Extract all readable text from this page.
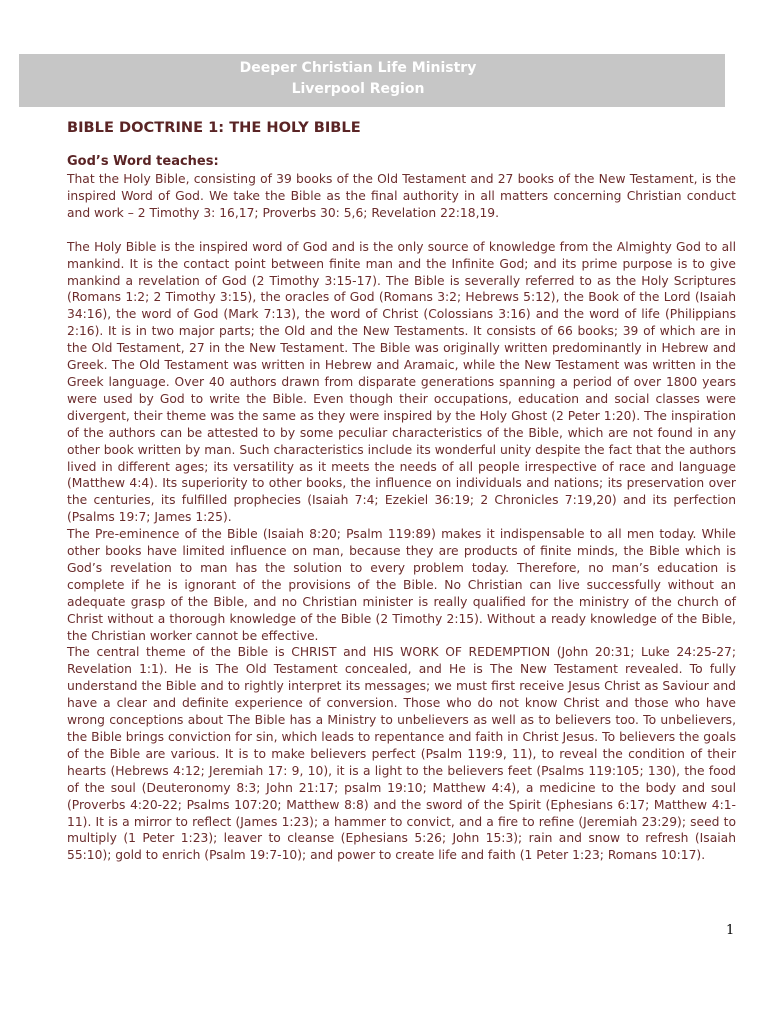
Deeper Christian Life Ministry
Liverpool Region
BIBLE DOCTRINE 1: THE HOLY BIBLE

God’s Word teaches:

That the Holy Bible, consisting of 39 books of the Old Testament and 27 books of the New Testament, is the inspired Word of God. We take the Bible as the final authority in all matters concerning Christian conduct and work – 2 Timothy 3: 16,17; Proverbs 30: 5,6; Revelation 22:18,19.

The Holy Bible is the inspired word of God and is the only source of knowledge from the Almighty God to all mankind. It is the contact point between finite man and the Infinite God; and its prime purpose is to give mankind a revelation of God (2 Timothy 3:15-17). The Bible is severally referred to as the Holy Scriptures (Romans 1:2; 2 Timothy 3:15), the oracles of God (Romans 3:2; Hebrews 5:12), the Book of the Lord (Isaiah 34:16), the word of God (Mark 7:13), the word of Christ (Colossians 3:16) and the word of life (Philippians 2:16). It is in two major parts; the Old and the New Testaments. It consists of 66 books; 39 of which are in the Old Testament, 27 in the New Testament. The Bible was originally written predominantly in Hebrew and Greek. The Old Testament was written in Hebrew and Aramaic, while the New Testament was written in the Greek language. Over 40 authors drawn from disparate generations spanning a period of over 1800 years were used by God to write the Bible. Even though their occupations, education and social classes were divergent, their theme was the same as they were inspired by the Holy Ghost (2 Peter 1:20). The inspiration of the authors can be attested to by some peculiar characteristics of the Bible, which are not found in any other book written by man. Such characteristics include its wonderful unity despite the fact that the authors lived in different ages; its versatility as it meets the needs of all people irrespective of race and language (Matthew 4:4). Its superiority to other books, the influence on individuals and nations; its preservation over the centuries, its fulfilled prophecies (Isaiah 7:4; Ezekiel 36:19; 2 Chronicles 7:19,20) and its perfection (Psalms 19:7; James 1:25).

The Pre-eminence of the Bible (Isaiah 8:20; Psalm 119:89) makes it indispensable to all men today. While other books have limited influence on man, because they are products of finite minds, the Bible which is God’s revelation to man has the solution to every problem today. Therefore, no man’s education is complete if he is ignorant of the provisions of the Bible. No Christian can live successfully without an adequate grasp of the Bible, and no Christian minister is really qualified for the ministry of the church of Christ without a thorough knowledge of the Bible (2 Timothy 2:15). Without a ready knowledge of the Bible, the Christian worker cannot be effective.

The central theme of the Bible is CHRIST and HIS WORK OF REDEMPTION (John 20:31; Luke 24:25-27; Revelation 1:1). He is The Old Testament concealed, and He is The New Testament revealed. To fully understand the Bible and to rightly interpret its messages; we must first receive Jesus Christ as Saviour and have a clear and definite experience of conversion. Those who do not know Christ and those who have wrong conceptions about The Bible has a Ministry to unbelievers as well as to believers too. To unbelievers, the Bible brings conviction for sin, which leads to repentance and faith in Christ Jesus. To believers the goals of the Bible are various. It is to make believers perfect (Psalm 119:9, 11), to reveal the condition of their hearts (Hebrews 4:12; Jeremiah 17: 9, 10), it is a light to the believers feet (Psalms 119:105; 130), the food of the soul (Deuteronomy 8:3; John 21:17; psalm 19:10; Matthew 4:4), a medicine to the body and soul (Proverbs 4:20-22; Psalms 107:20; Matthew 8:8) and the sword of the Spirit (Ephesians 6:17; Matthew 4:1-11). It is a mirror to reflect (James 1:23); a hammer to convict, and a fire to refine (Jeremiah 23:29); seed to multiply (1 Peter 1:23); leaver to cleanse (Ephesians 5:26; John 15:3); rain and snow to refresh (Isaiah 55:10); gold to enrich (Psalm 19:7-10); and power to create life and faith (1 Peter 1:23; Romans 10:17).

1
